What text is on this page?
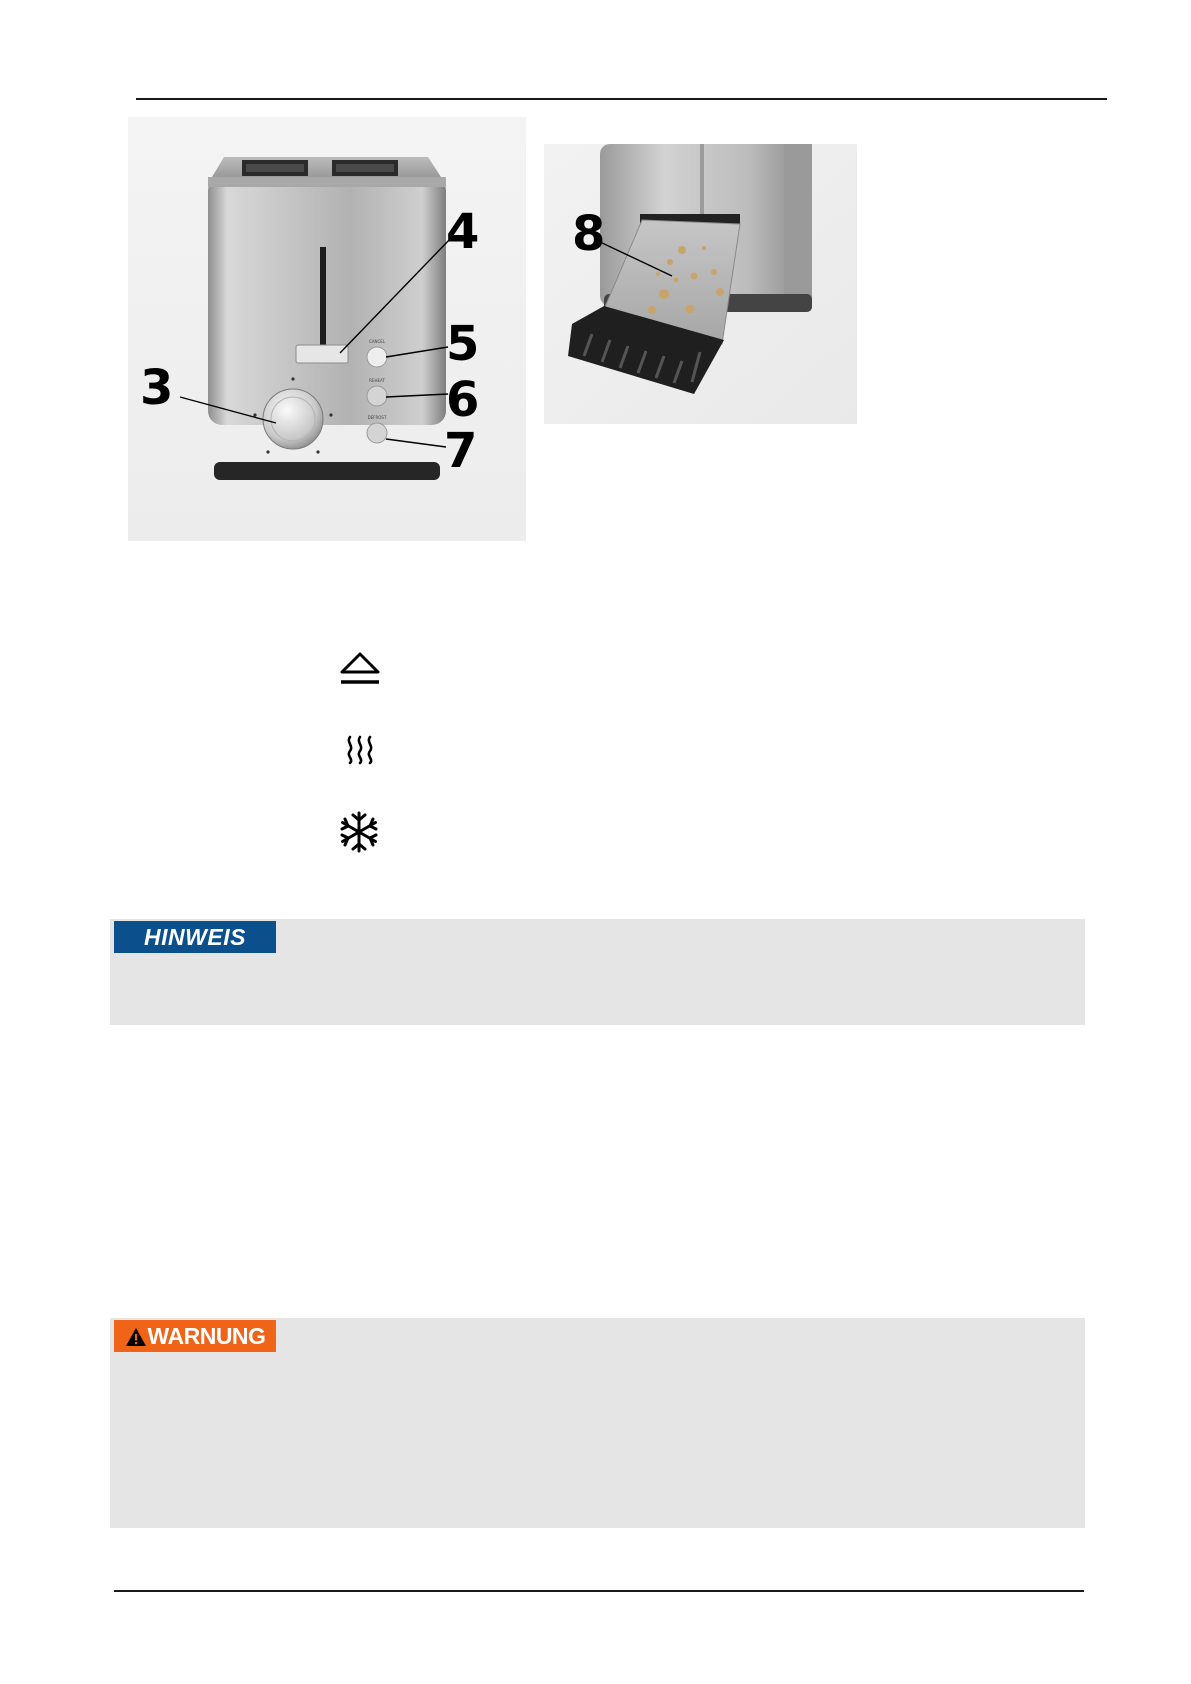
CANCEL
REHEAT
DEFROST
3
4
5
6
7
8
HINWEIS
WARNUNG
